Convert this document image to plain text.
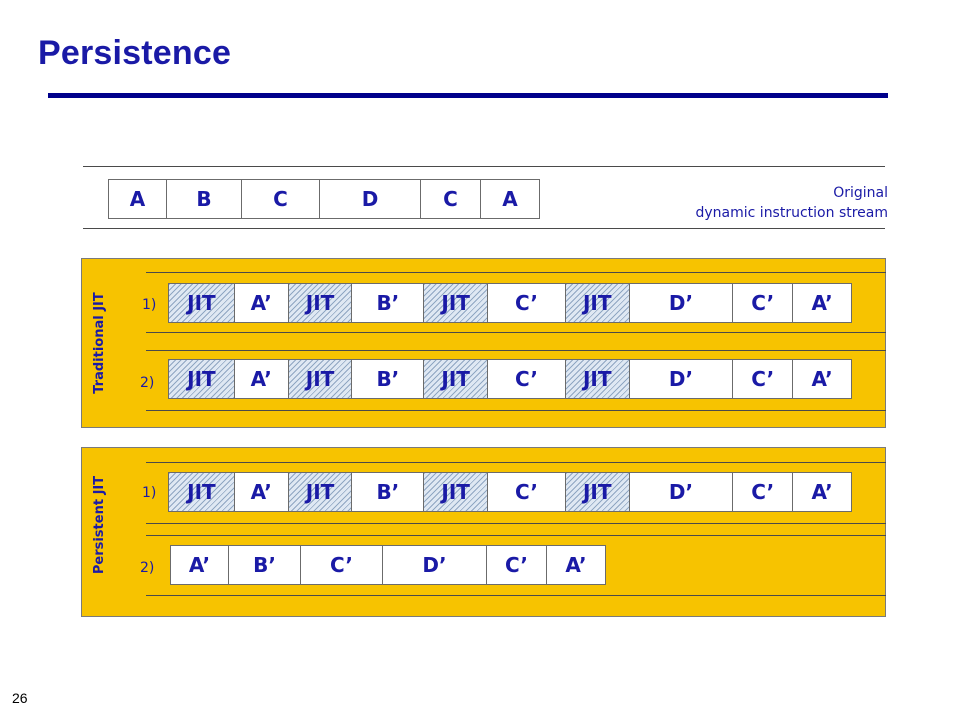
Persistence
A	B	C	D	C	A	Original
dynamic instruction stream
Traditional JIT	1)	JIT	A’	JIT	B’	JIT	C’	JIT	D’	C’	A’
2)	JIT	A’	JIT	B’	JIT	C’	JIT	D’	C’	A’
Persistent JIT	1)	JIT	A’	JIT	B’	JIT	C’	JIT	D’	C’	A’
2)	A’	B’	C’	D’	C’	A’
26
